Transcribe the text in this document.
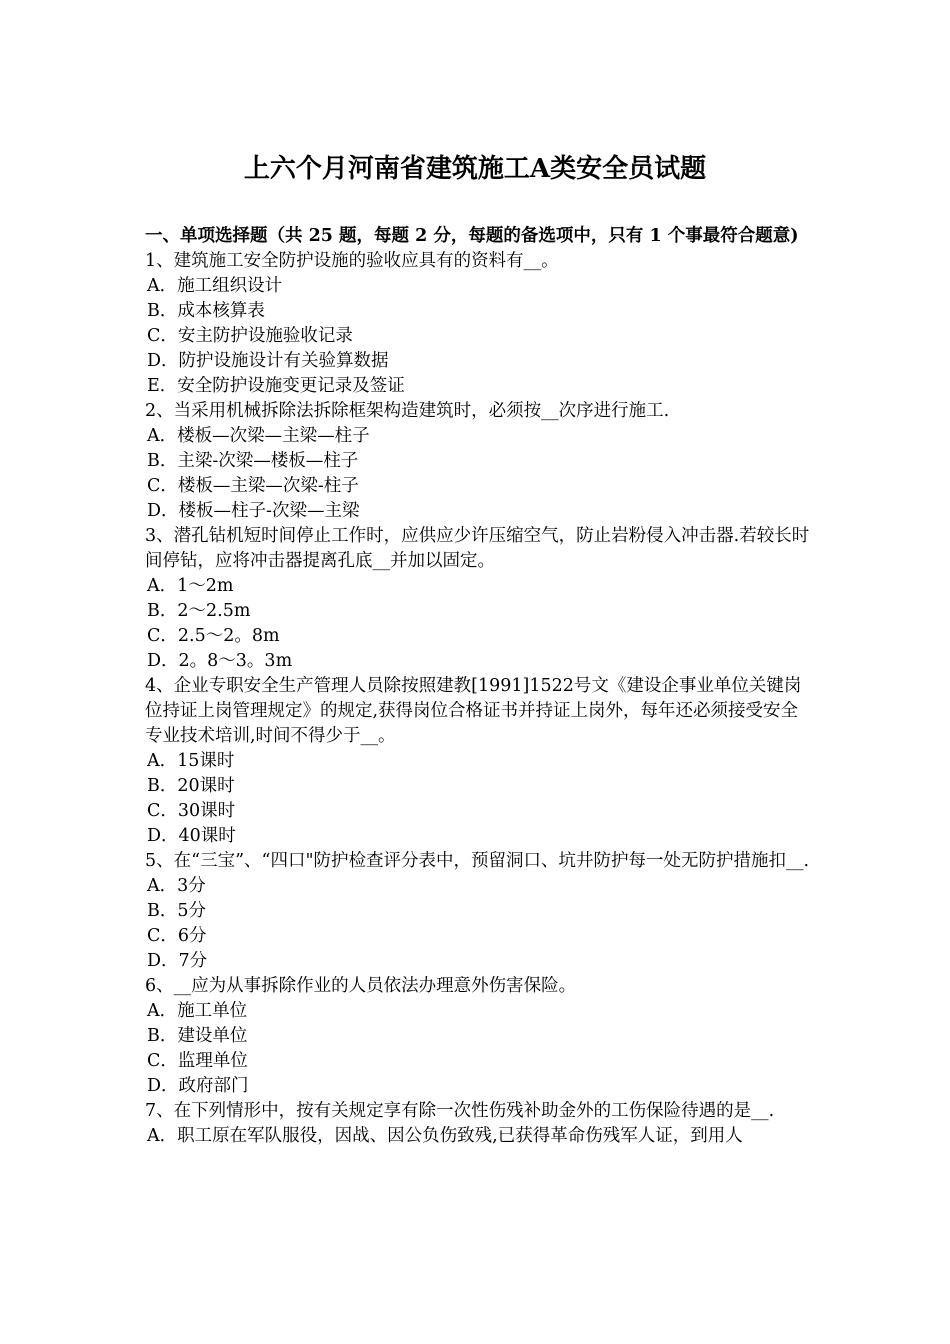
上六个月河南省建筑施工A类安全员试题

一、单项选择题（共 25 题，每题 2 分，每题的备选项中，只有 1 个事最符合题意)

1、建筑施工安全防护设施的验收应具有的资料有__。

A．施工组织设计

B．成本核算表

C．安主防护设施验收记录

D．防护设施设计有关验算数据

E．安全防护设施变更记录及签证

2、当采用机械拆除法拆除框架构造建筑时，必须按__次序进行施工.

A．楼板—次梁—主梁—柱子

B．主梁-次梁—楼板—柱子

C．楼板—主梁—次梁-柱子

D．楼板—柱子-次梁—主梁

3、潜孔钻机短时间停止工作时，应供应少许压缩空气，防止岩粉侵入冲击器.若较长时间停钻，应将冲击器提离孔底__并加以固定。

A．1～2m

B．2～2.5m

C．2.5～2。8m

D．2。8～3。3m

4、企业专职安全生产管理人员除按照建教[1991]1522号文《建设企事业单位关键岗位持证上岗管理规定》的规定,获得岗位合格证书并持证上岗外，每年还必须接受安全专业技术培训,时间不得少于__。

A．15课时

B．20课时

C．30课时

D．40课时

5、在“三宝”、“四口"防护检查评分表中，预留洞口、坑井防护每一处无防护措施扣__.

A．3分

B．5分

C．6分

D．7分

6、__应为从事拆除作业的人员依法办理意外伤害保险。

A．施工单位

B．建设单位

C．监理单位

D．政府部门

7、在下列情形中，按有关规定享有除一次性伤残补助金外的工伤保险待遇的是__.

A．职工原在军队服役，因战、因公负伤致残,已获得革命伤残军人证，到用人
